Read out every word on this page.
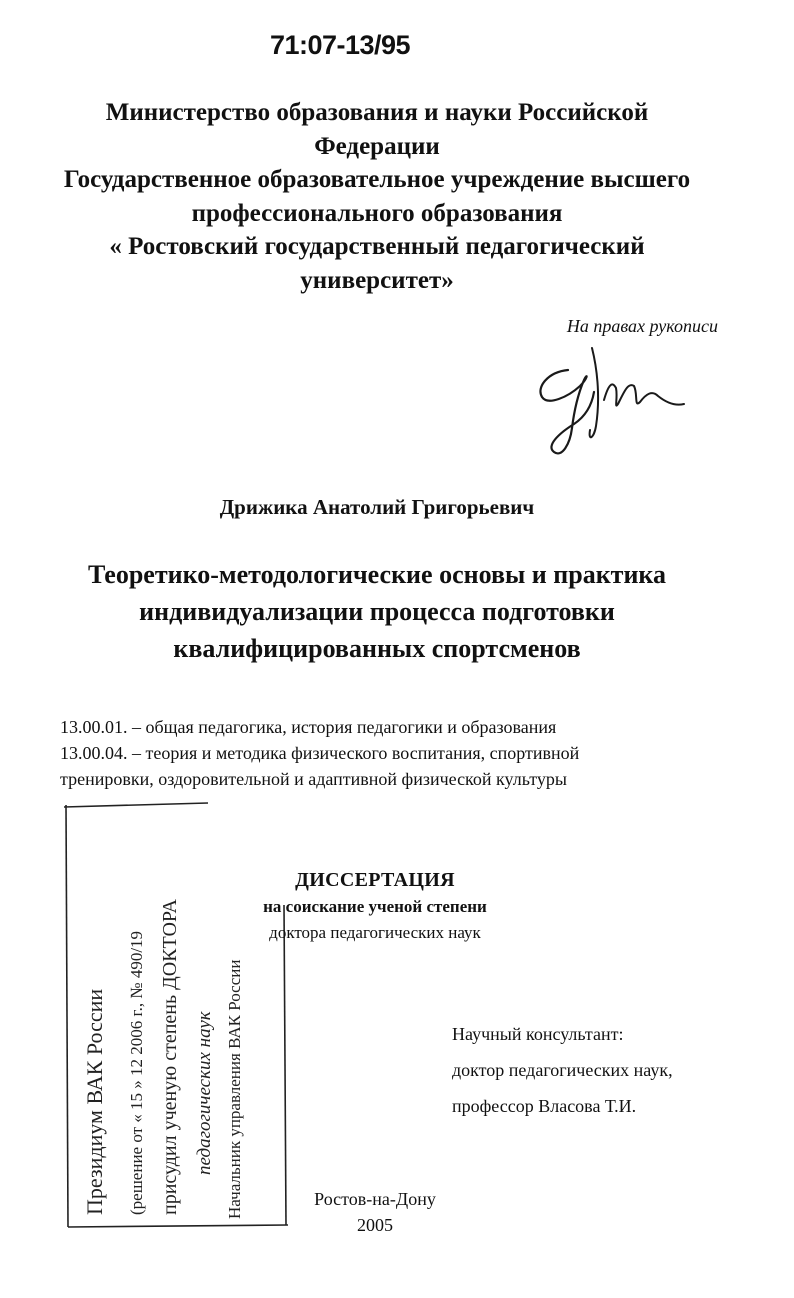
71:07-13/95
Министерство образования и науки Российской
Федерации
Государственное образовательное учреждение высшего
профессионального образования
« Ростовский государственный педагогический
университет»
На правах рукописи
Дрижика Анатолий Григорьевич
Теоретико-методологические основы и практика
индивидуализации процесса подготовки
квалифицированных спортсменов
13.00.01. – общая педагогика, история педагогики и образования
13.00.04. – теория и методика физического воспитания, спортивной
тренировки, оздоровительной и адаптивной физической культуры
Президиум ВАК России (решение от « 15 » 12 2006 г., № 490/19 присудил ученую степень ДОКТОРА педагогических наук Начальник управления ВАК России
ДИССЕРТАЦИЯ
на соискание ученой степени
доктора педагогических наук
Научный консультант:
доктор педагогических наук,
профессор Власова Т.И.
Ростов-на-Дону
2005
